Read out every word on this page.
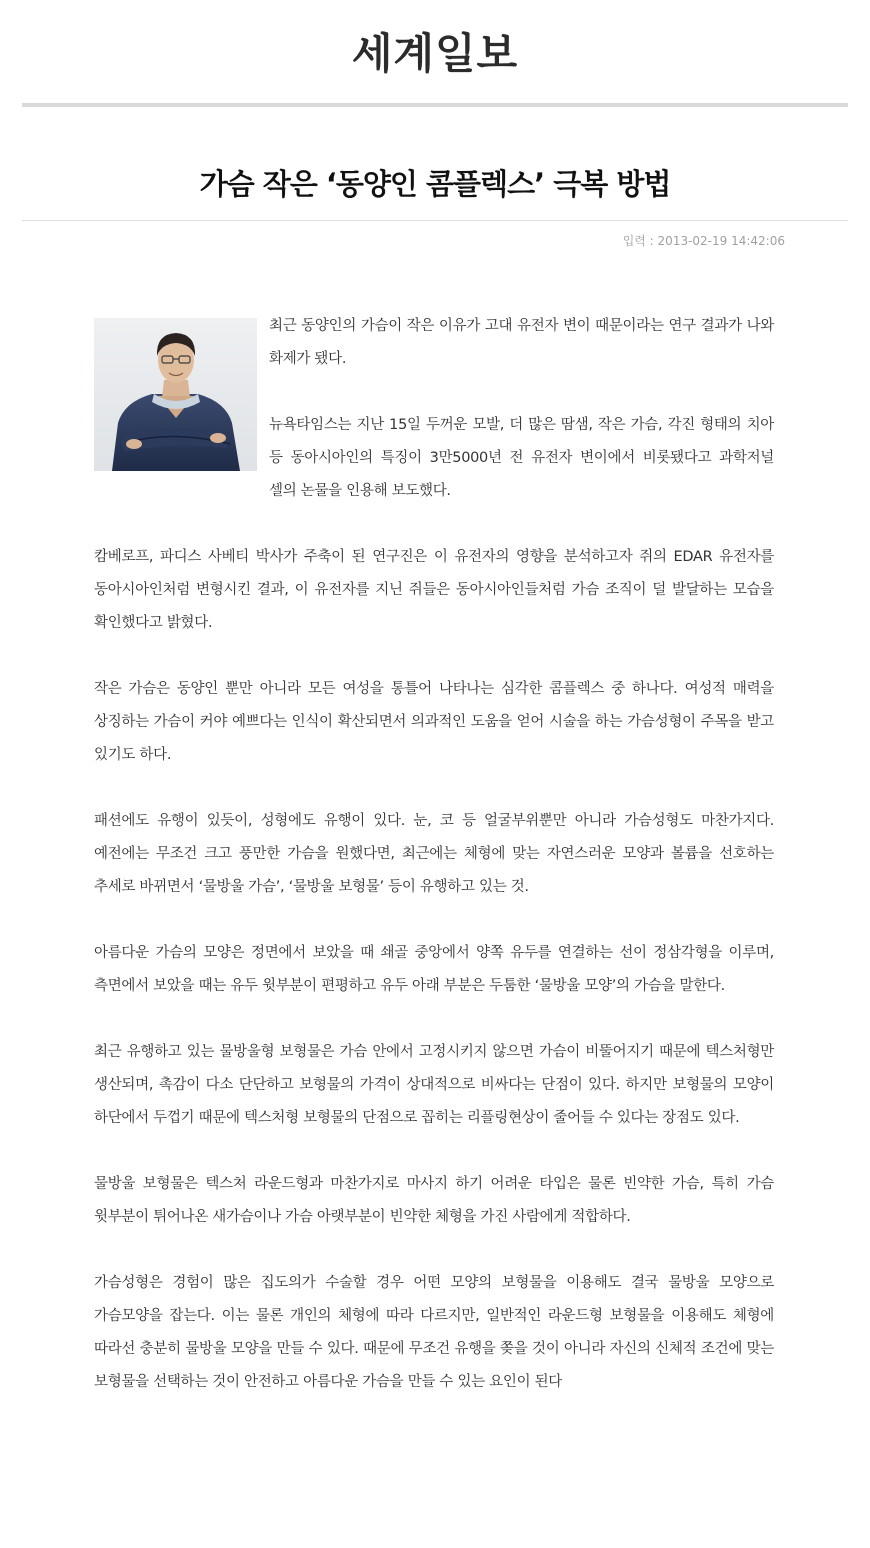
세계일보
가슴 작은 ‘동양인 콤플렉스’ 극복 방법
입력 : 2013-02-19 14:42:06

최근 동양인의 가슴이 작은 이유가 고대 유전자 변이 때문이라는 연구 결과가 나와 화제가 됐다.

뉴욕타임스는 지난 15일 두꺼운 모발, 더 많은 땀샘, 작은 가슴, 각진 형태의 치아 등 동아시아인의 특징이 3만5000년 전 유전자 변이에서 비롯됐다고 과학저널 셀의 논물을 인용해 보도했다.

캄베로프, 파디스 사베티 박사가 주축이 된 연구진은 이 유전자의 영향을 분석하고자 쥐의 EDAR 유전자를 동아시아인처럼 변형시킨 결과, 이 유전자를 지닌 쥐들은 동아시아인들처럼 가슴 조직이 덜 발달하는 모습을 확인했다고 밝혔다.

작은 가슴은 동양인 뿐만 아니라 모든 여성을 통틀어 나타나는 심각한 콤플렉스 중 하나다. 여성적 매력을 상징하는 가슴이 커야 예쁘다는 인식이 확산되면서 의과적인 도움을 얻어 시술을 하는 가슴성형이 주목을 받고 있기도 하다.

패션에도 유행이 있듯이, 성형에도 유행이 있다. 눈, 코 등 얼굴부위뿐만 아니라 가슴성형도 마찬가지다. 예전에는 무조건 크고 풍만한 가슴을 원했다면, 최근에는 체형에 맞는 자연스러운 모양과 볼륨을 선호하는 추세로 바뀌면서 ‘물방울 가슴’, ‘물방울 보형물’ 등이 유행하고 있는 것.

아름다운 가슴의 모양은 정면에서 보았을 때 쇄골 중앙에서 양쪽 유두를 연결하는 선이 정삼각형을 이루며, 측면에서 보았을 때는 유두 윗부분이 편평하고 유두 아래 부분은 두툼한 ‘물방울 모양’의 가슴을 말한다.

최근 유행하고 있는 물방울형 보형물은 가슴 안에서 고정시키지 않으면 가슴이 비뚤어지기 때문에 텍스처형만 생산되며, 촉감이 다소 단단하고 보형물의 가격이 상대적으로 비싸다는 단점이 있다. 하지만 보형물의 모양이 하단에서 두껍기 때문에 텍스처형 보형물의 단점으로 꼽히는 리플링현상이 줄어들 수 있다는 장점도 있다.

물방울 보형물은 텍스처 라운드형과 마찬가지로 마사지 하기 어려운 타입은 물론 빈약한 가슴, 특히 가슴 윗부분이 튀어나온 새가슴이나 가슴 아랫부분이 빈약한 체형을 가진 사람에게 적합하다.

가슴성형은 경험이 많은 집도의가 수술할 경우 어떤 모양의 보형물을 이용해도 결국 물방울 모양으로 가슴모양을 잡는다. 이는 물론 개인의 체형에 따라 다르지만, 일반적인 라운드형 보형물을 이용해도 체형에 따라선 충분히 물방울 모양을 만들 수 있다. 때문에 무조건 유행을 쫒을 것이 아니라 자신의 신체적 조건에 맞는 보형물을 선택하는 것이 안전하고 아름다운 가슴을 만들 수 있는 요인이 된다
